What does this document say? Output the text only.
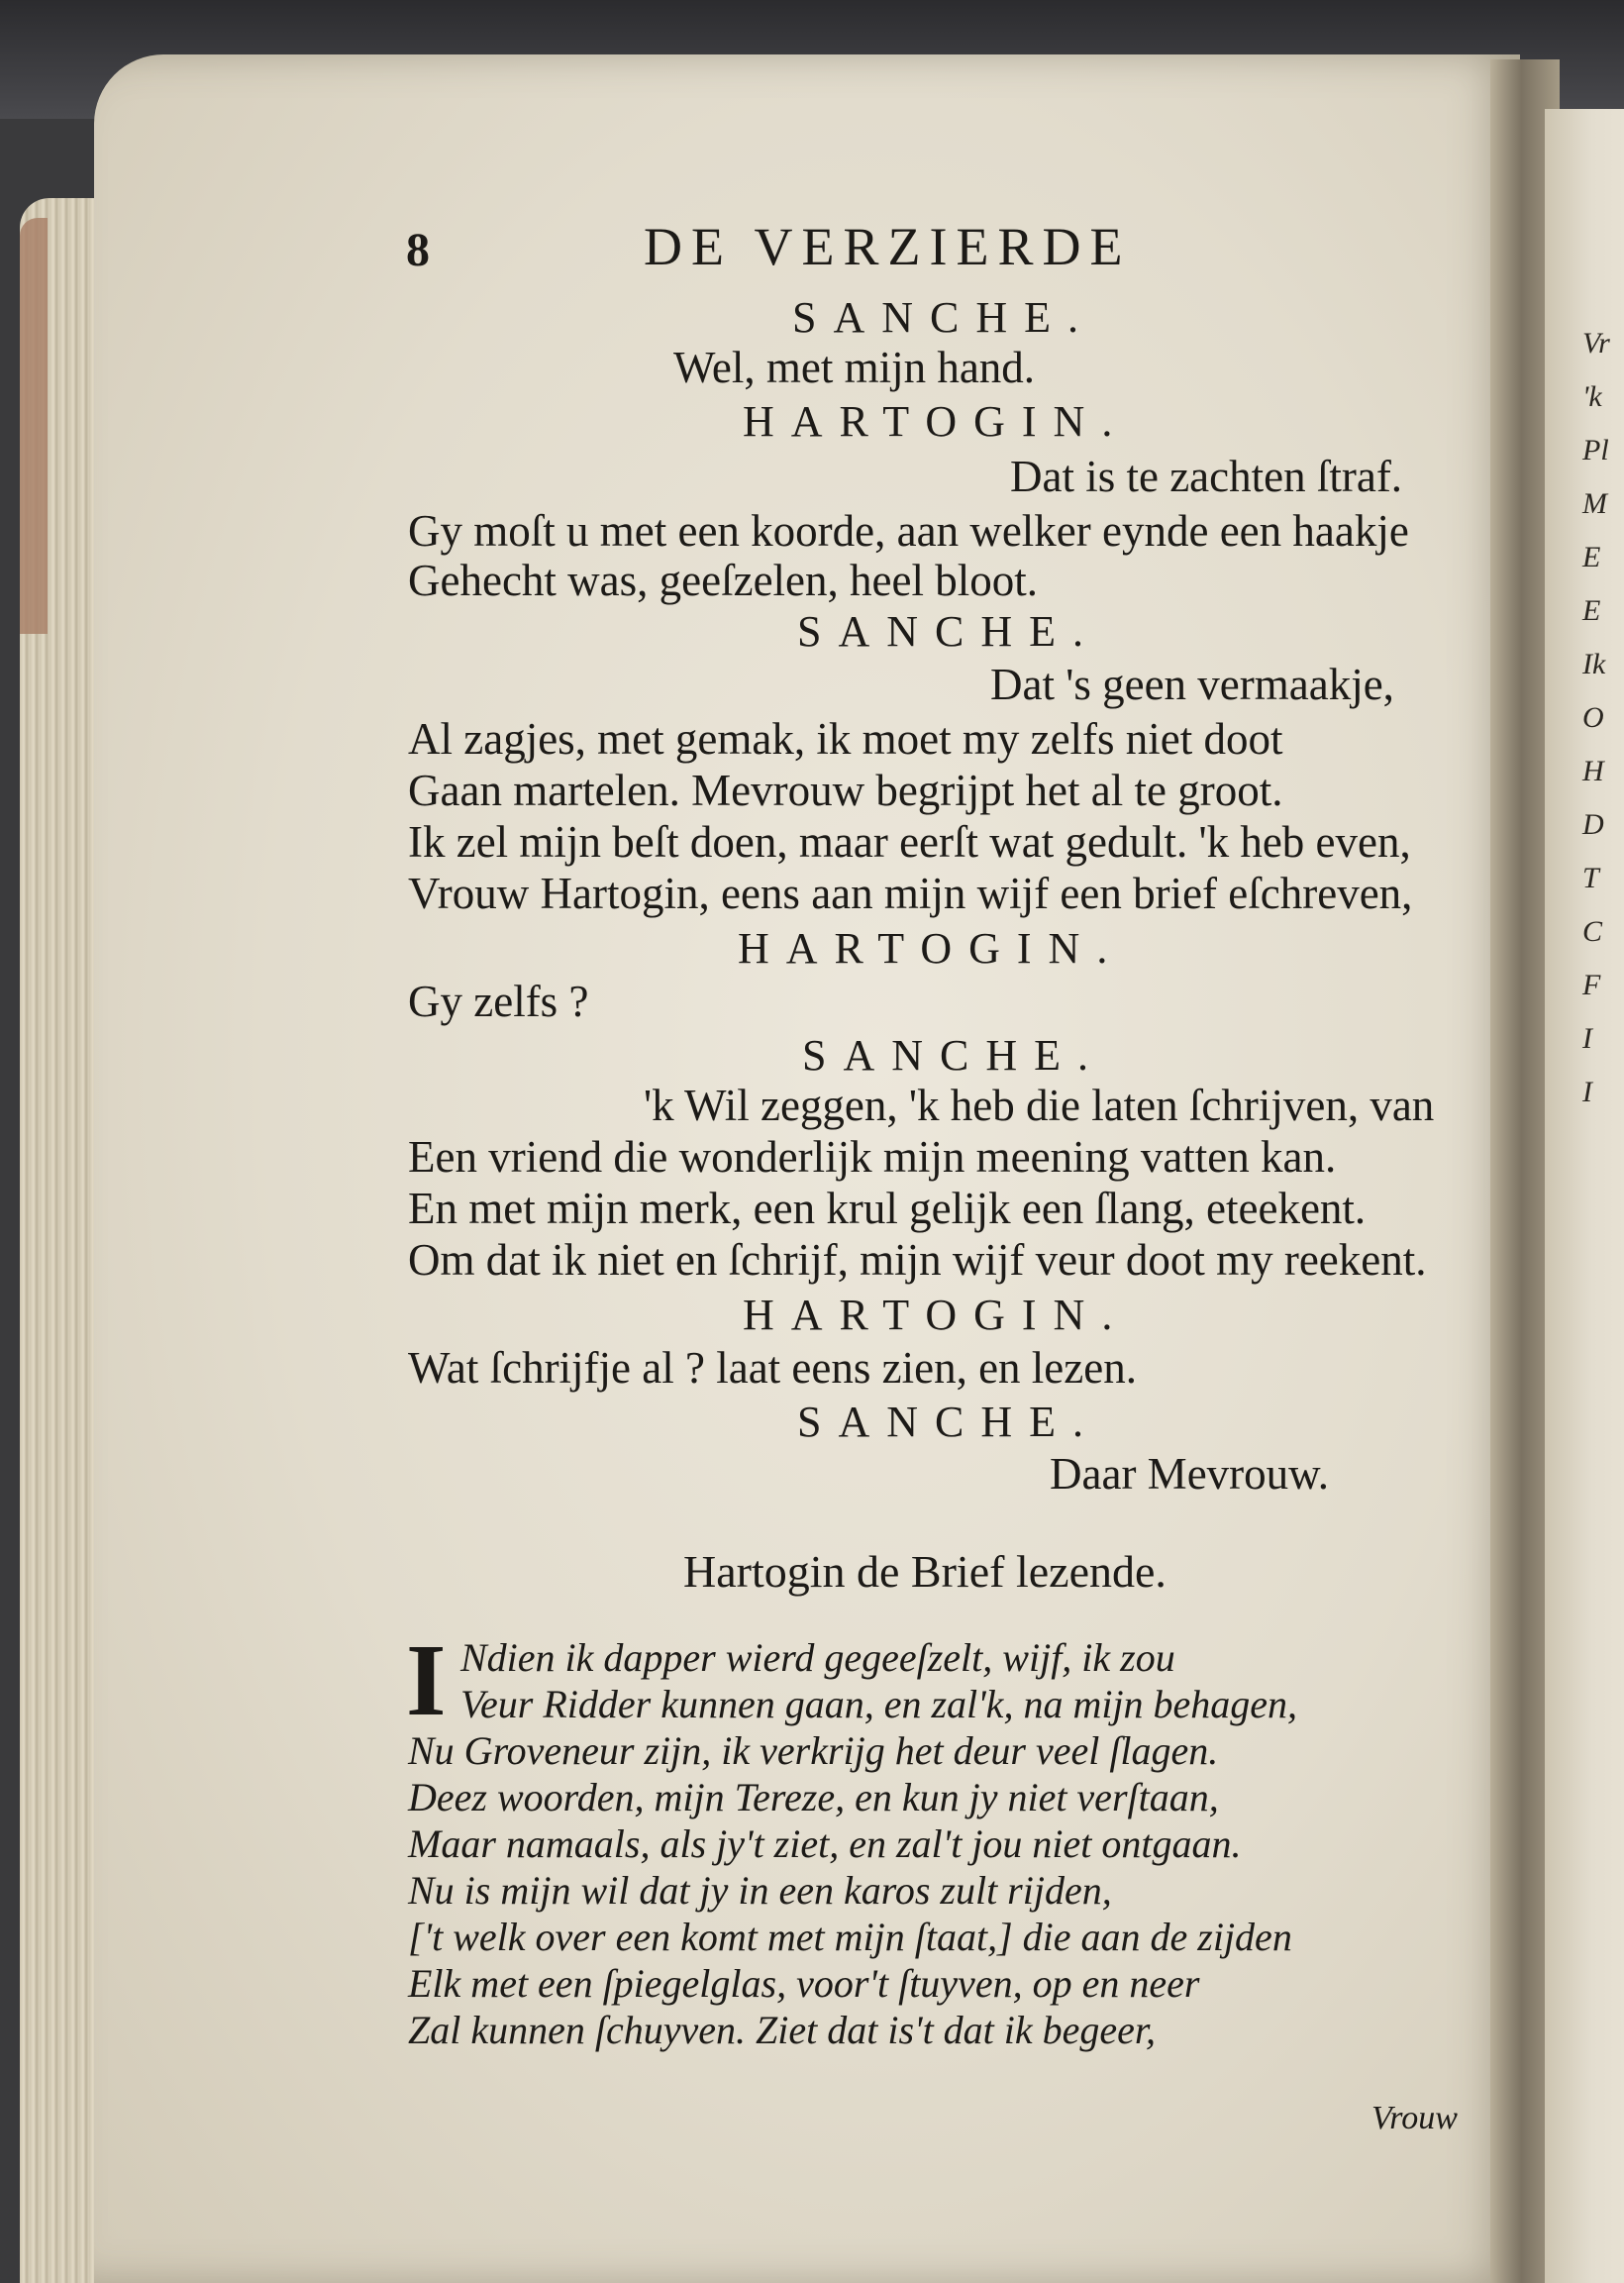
Vr
'k
Pl
M
E
E
Ik
O
H
D
T
C
F
I
I
8	DE VERZIERDE
SANCHE.
Wel, met mijn hand.
HARTOGIN.
Dat is te zachten ſtraf.
Gy moſt u met een koorde, aan welker eynde een haakje
Gehecht was, geeſzelen, heel bloot.
SANCHE.
Dat 's geen vermaakje,
Al zagjes, met gemak, ik moet my zelfs niet doot
Gaan martelen. Mevrouw begrijpt het al te groot.
Ik zel mijn beſt doen, maar eerſt wat gedult. 'k heb even,
Vrouw Hartogin, eens aan mijn wijf een brief eſchreven,
HARTOGIN.
Gy zelfs ?
SANCHE.
'k Wil zeggen, 'k heb die laten ſchrijven, van
Een vriend die wonderlijk mijn meening vatten kan.
En met mijn merk, een krul gelijk een ſlang, eteekent.
Om dat ik niet en ſchrijf, mijn wijf veur doot my reekent.
HARTOGIN.
Wat ſchrijfje al ? laat eens zien, en lezen.
SANCHE.
Daar Mevrouw.
Hartogin de Brief lezende.
I Ndien ik dapper wierd gegeeſzelt, wijf, ik zou
Veur Ridder kunnen gaan, en zal'k, na mijn behagen,
Nu Groveneur zijn, ik verkrijg het deur veel ſlagen.
Deez woorden, mijn Tereze, en kun jy niet verſtaan,
Maar namaals, als jy't ziet, en zal't jou niet ontgaan.
Nu is mijn wil dat jy in een karos zult rijden,
['t welk over een komt met mijn ſtaat,] die aan de zijden
Elk met een ſpiegelglas, voor't ſtuyven, op en neer
Zal kunnen ſchuyven. Ziet dat is't dat ik begeer,
Vrouw
